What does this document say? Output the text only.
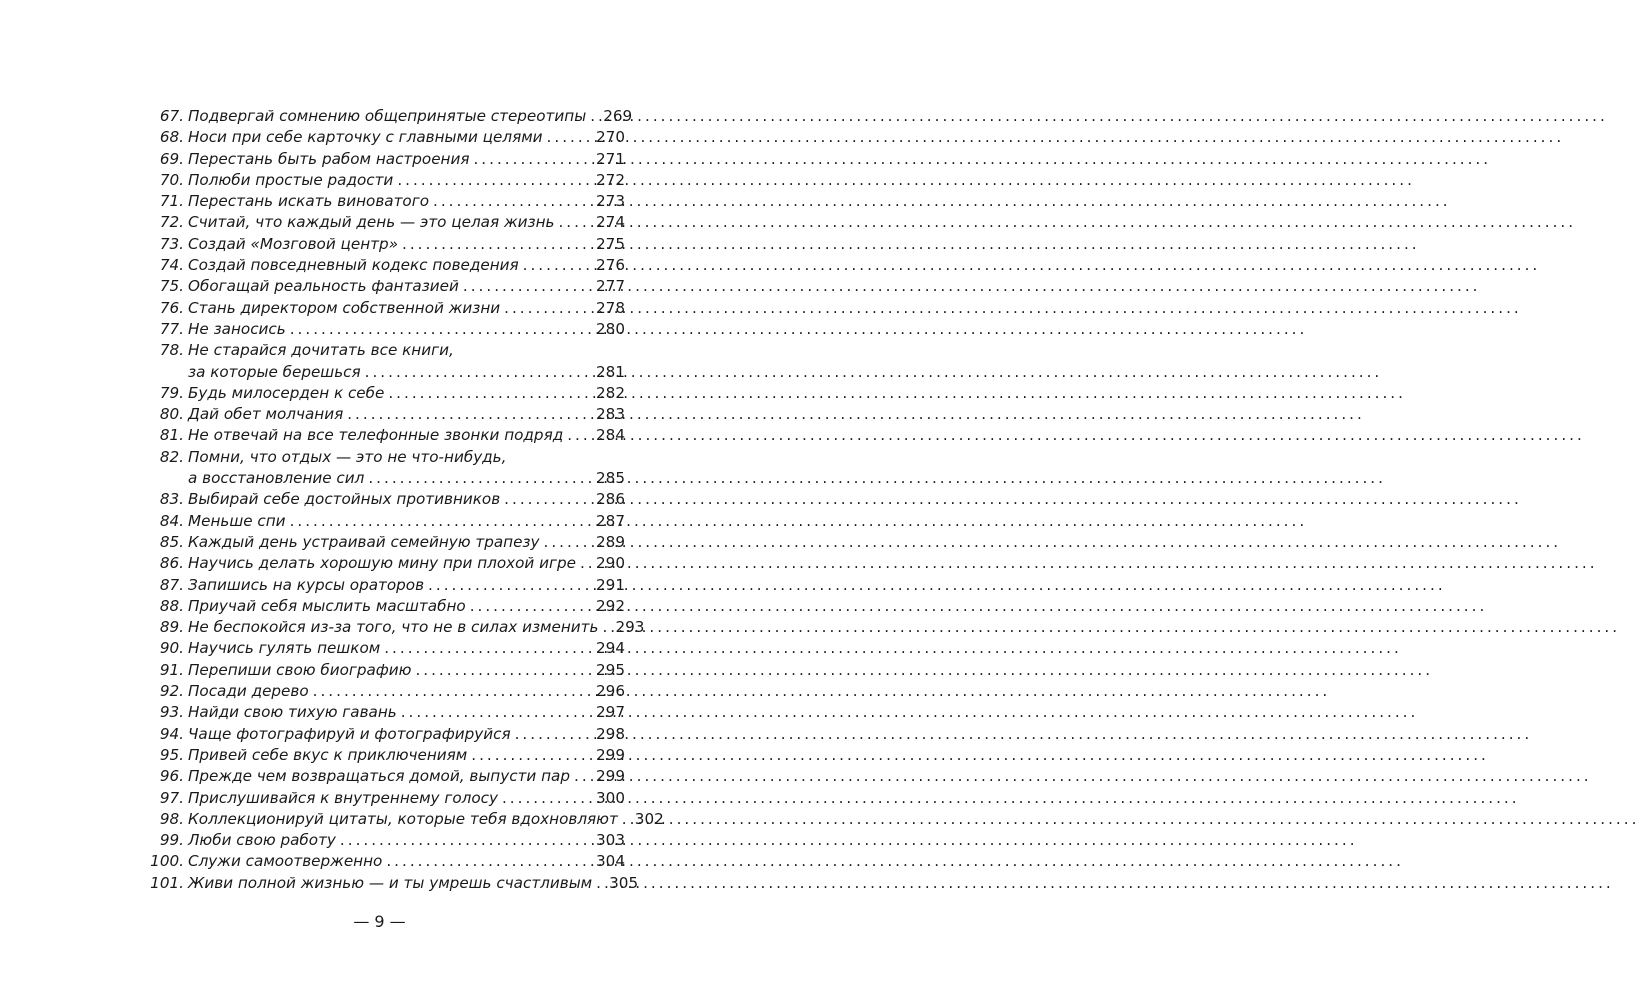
67. Подвергай сомнению общепринятые стереотипы ..... 269
68. Носи при себе карточку с главными целями .....	270
69. Перестань быть рабом настроения .....	271
70. Полюби простые радости .....	272
71. Перестань искать виноватого .....	273
72. Считай, что каждый день — это целая жизнь .....	274
73. Создай «Мозговой центр» .....	275
74. Создай повседневный кодекс поведения .....	276
75. Обогащай реальность фантазией .....	277
76. Стань директором собственной жизни .....	278
77. Не заносись .....	280
78. Не старайся дочитать все книги,
за которые берешься .....	281
79. Будь милосерден к себе .....	282
80. Дай обет молчания .....	283
81. Не отвечай на все телефонные звонки подряд ..... 284
82. Помни, что отдых — это не что-нибудь,
а восстановление сил .....	285
83. Выбирай себе достойных противников .....	286
84. Меньше спи .....	287
85. Каждый день устраивай семейную трапезу .....	289
86. Научись делать хорошую мину при плохой игре ..... 290
87. Запишись на курсы ораторов .....	291
88. Приучай себя мыслить масштабно .....	292
89. Не беспокойся из-за того, что не в силах изменить ..... 293
90. Научись гулять пешком .....	294
91. Перепиши свою биографию .....	295
92. Посади дерево .....	296
93. Найди свою тихую гавань .....	297
94. Чаще фотографируй и фотографируйся .....	298
95. Привей себе вкус к приключениям .....	299
96. Прежде чем возвращаться домой, выпусти пар ..... 299
97. Прислушивайся к внутреннему голосу .....	300
98. Коллекционируй цитаты, которые тебя вдохновляют ..... 302
99. Люби свою работу .....	303
100. Служи самоотверженно .....	304
101. Живи полной жизнью — и ты умрешь счастливым ..... 305
— 9 —
